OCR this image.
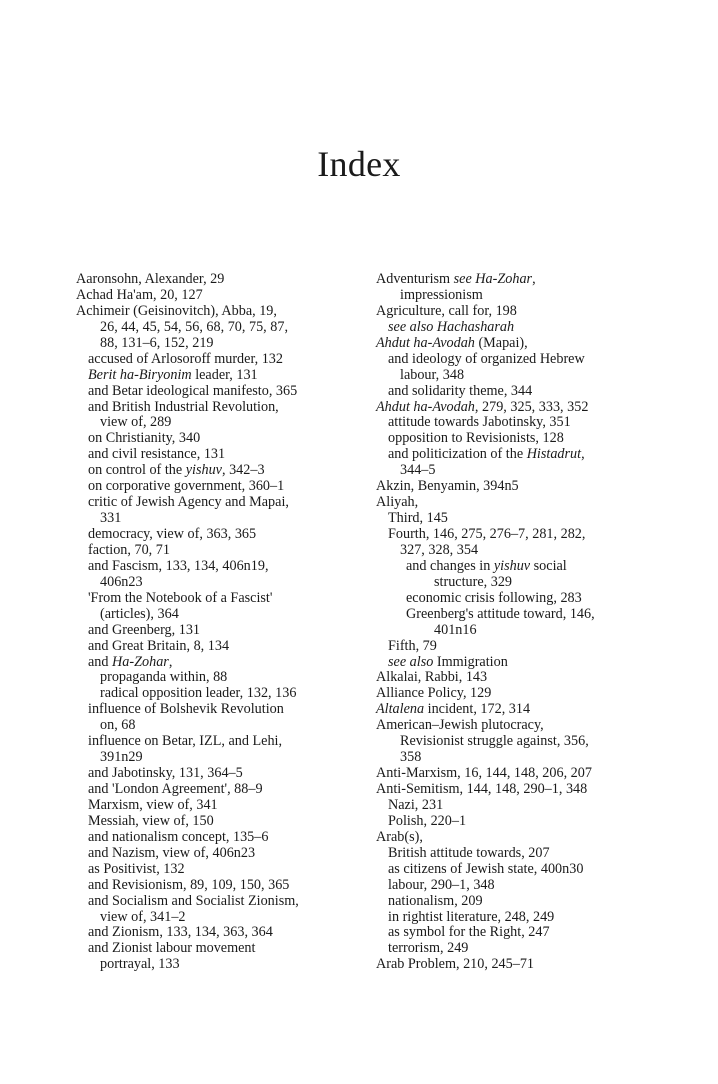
Index
Aaronsohn, Alexander, 29
Achad Ha'am, 20, 127
Achimeir (Geisinovitch), Abba, 19,
26, 44, 45, 54, 56, 68, 70, 75, 87,
88, 131–6, 152, 219
accused of Arlosoroff murder, 132
Berit ha-Biryonim leader, 131
and Betar ideological manifesto, 365
and British Industrial Revolution,
view of, 289
on Christianity, 340
and civil resistance, 131
on control of the yishuv, 342–3
on corporative government, 360–1
critic of Jewish Agency and Mapai,
331
democracy, view of, 363, 365
faction, 70, 71
and Fascism, 133, 134, 406n19,
406n23
'From the Notebook of a Fascist'
(articles), 364
and Greenberg, 131
and Great Britain, 8, 134
and Ha-Zohar,
propaganda within, 88
radical opposition leader, 132, 136
influence of Bolshevik Revolution
on, 68
influence on Betar, IZL, and Lehi,
391n29
and Jabotinsky, 131, 364–5
and 'London Agreement', 88–9
Marxism, view of, 341
Messiah, view of, 150
and nationalism concept, 135–6
and Nazism, view of, 406n23
as Positivist, 132
and Revisionism, 89, 109, 150, 365
and Socialism and Socialist Zionism,
view of, 341–2
and Zionism, 133, 134, 363, 364
and Zionist labour movement
portrayal, 133
Adventurism see Ha-Zohar,
impressionism
Agriculture, call for, 198
see also Hachasharah
Ahdut ha-Avodah (Mapai),
and ideology of organized Hebrew
labour, 348
and solidarity theme, 344
Ahdut ha-Avodah, 279, 325, 333, 352
attitude towards Jabotinsky, 351
opposition to Revisionists, 128
and politicization of the Histadrut,
344–5
Akzin, Benyamin, 394n5
Aliyah,
Third, 145
Fourth, 146, 275, 276–7, 281, 282,
327, 328, 354
and changes in yishuv social
structure, 329
economic crisis following, 283
Greenberg's attitude toward, 146,
401n16
Fifth, 79
see also Immigration
Alkalai, Rabbi, 143
Alliance Policy, 129
Altalena incident, 172, 314
American–Jewish plutocracy,
Revisionist struggle against, 356,
358
Anti-Marxism, 16, 144, 148, 206, 207
Anti-Semitism, 144, 148, 290–1, 348
Nazi, 231
Polish, 220–1
Arab(s),
British attitude towards, 207
as citizens of Jewish state, 400n30
labour, 290–1, 348
nationalism, 209
in rightist literature, 248, 249
as symbol for the Right, 247
terrorism, 249
Arab Problem, 210, 245–71
